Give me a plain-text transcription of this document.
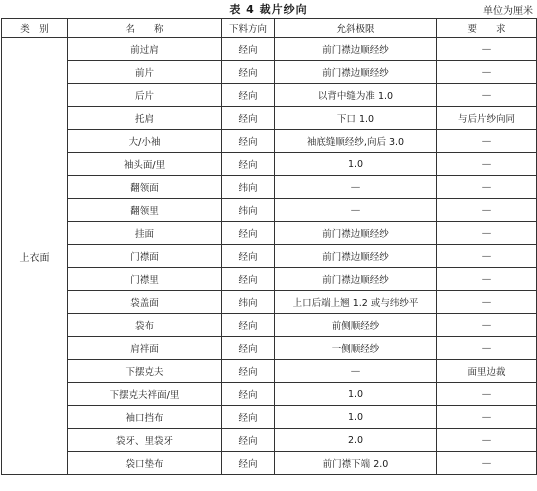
表 4 裁片纱向	单位为厘米
类　别	名　　称	下料方向	允斜极限	要　　求
上衣面	前过肩	经向	前门襟边顺经纱	—
	前片	经向	前门襟边顺经纱	—
	后片	经向	以背中缝为准 1.0	—
	托肩	经向	下口 1.0	与后片纱向同
	大/小袖	经向	袖底缝顺经纱,向后 3.0	—
	袖头面/里	经向	1.0	—
	翻领面	纬向	—	—
	翻领里	纬向	—	—
	挂面	经向	前门襟边顺经纱	—
	门襟面	经向	前门襟边顺经纱	—
	门襟里	经向	前门襟边顺经纱	—
	袋盖面	纬向	上口后端上翘 1.2 或与纬纱平	—
	袋布	经向	前侧顺经纱	—
	肩袢面	经向	一侧顺经纱	—
	下摆克夫	经向	—	面里边裁
	下摆克夫袢面/里	经向	1.0	—
	袖口挡布	经向	1.0	—
	袋牙、里袋牙	经向	2.0	—
	袋口垫布	经向	前门襟下端 2.0	—
